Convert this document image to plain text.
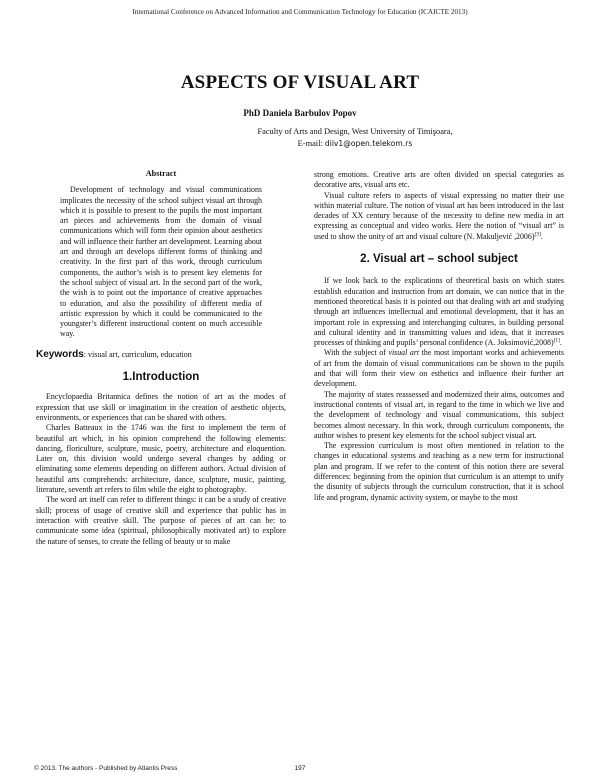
International Conference on Advanced Information and Communication Technology for Education (ICAICTE 2013)
ASPECTS OF VISUAL ART
PhD Daniela Barbulov Popov
Faculty of Arts and Design, West University of Timişoara,
E-mail: diiv1@open.telekom.rs
Abstract

Development of technology and visual communications implicates the necessity of the school subject visual art through which it is possible to present to the pupils the most important art pieces and achievements from the domain of visual communications which will form their opinion about aesthetics and will influence their further art development. Learning about art and through art develops different forms of thinking and creativity. In the first part of this work, through curriculum components, the author’s wish is to present key elements for the school subject of visual art. In the second part of the work, the wish is to point out the importance of creative approaches to education, and also the possibility of different media of artistic expression by which it could be communicated to the youngster’s different instructional content on much accessible way.

Keywords: visual art, curriculum, education
1.Introduction

Encyclopaedia Britannica defines the notion of art as the modes of expression that use skill or imagination in the creation of aesthetic objects, environments, or experiences that can be shared with others.

Charles Batteaux in the 1746 was the first to implement the term of beautiful art which, in his opinion comprehend the following elements: dancing, floriculture, sculpture, music, poetry, architecture and eloquention. Later on, this division would undergo several changes by adding or eliminating some elements depending on different authors. Actual division of beautiful arts comprehends: architecture, dance, sculpture, music, painting, literature, seventh art refers to film while the eight to photography.

The word art itself can refer to different things: it can be a study of creative skill; process of usage of creative skill and experience that public has in interaction with creative skill. The purpose of pieces of art can be: to communicate some idea (spiritual, philosophically motivated art) to explore the nature of senses, to create the felling of beauty or to make

strong emotions. Creative arts are often divided on special categories as decorative arts, visual arts etc.

Visual culture refers to aspects of visual expressing no matter their use within material culture. The notion of visual art has been introduced in the last decades of XX century because of the necessity to define new media in art expressing as conceptual and video works. Here the notion of “visual art” is used to show the unity of art and visual culture (N. Makuljević ,2006)[3].

2. Visual art – school subject

If we look back to the explications of theoretical basis on which states establish education and instruction from art domain, we can notice that in the mentioned theoretical basis it is pointed out that dealing with art and studying through art influences intellectual and emotional development, that it has an important role in expressing and interchanging cultures, in building personal and cultural identity and in transmitting values and ideas, that it increases processes of thinking and pupils’ personal confidence (A. Joksimović,2008)[1].

With the subject of visual art the most important works and achievements of art from the domain of visual communications can be shown to the pupils and that will form their view on esthetics and influence their further art development.

The majority of states reassessed and modernized their aims, outcomes and instructional contents of visual art, in regard to the time in which we live and the development of technology and visual communications, this subject becomes almost necessary. In this work, through curriculum components, the author wishes to present key elements for the school subject visual art.

The expression curriculum is most often mentioned in relation to the changes in educational systems and teaching as a new term for instructional plan and program. If we refer to the content of this notion there are several differences: beginning from the opinion that curriculum is an attempt to unify the disunity of subjects through the curriculum construction, that it is school life and program, dynamic activity system, or maybe to the most

© 2013. The authors - Published by Atlantis Press	197
